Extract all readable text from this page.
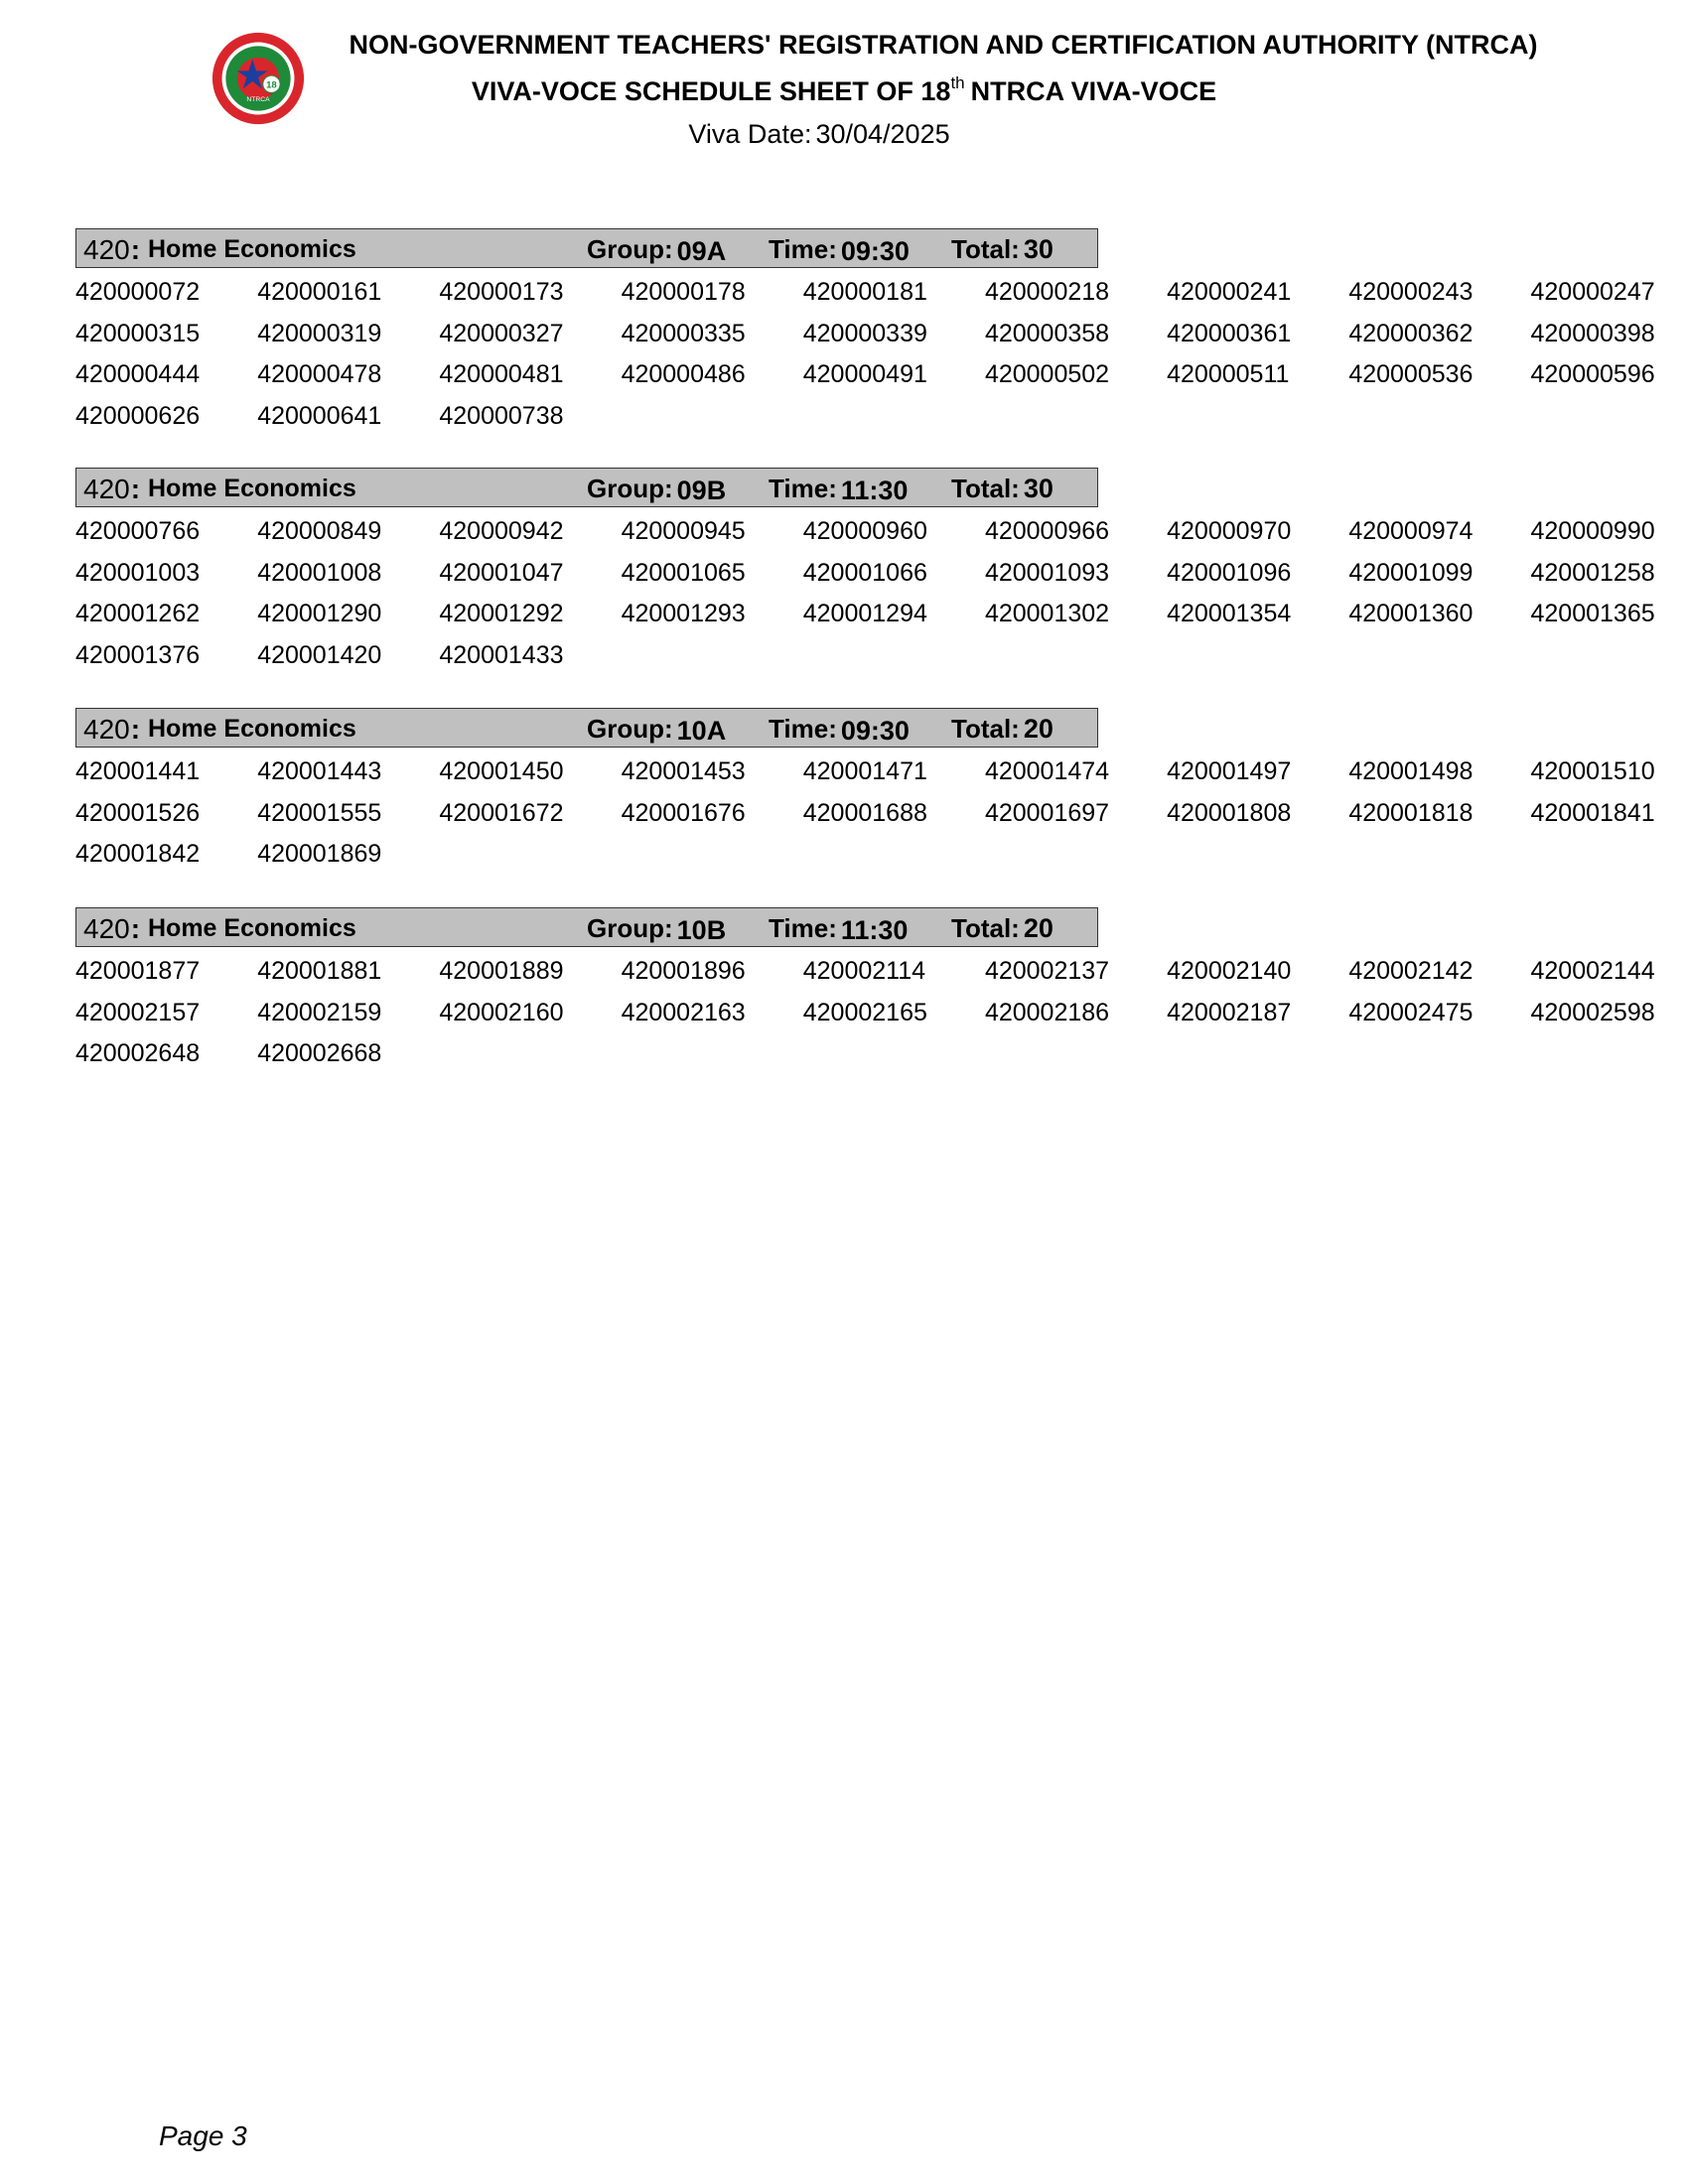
18
NTRCA
NON-GOVERNMENT TEACHERS' REGISTRATION AND CERTIFICATION AUTHORITY (NTRCA)
VIVA-VOCE SCHEDULE SHEET OF 18th NTRCA VIVA-VOCE
Viva Date: 30/04/2025
420: Home Economics	Group: 09A Time: 09:30 Total: 30
420000072	420000161	420000173	420000178	420000181	420000218	420000241	420000243	420000247
420000315	420000319	420000327	420000335	420000339	420000358	420000361	420000362	420000398
420000444	420000478	420000481	420000486	420000491	420000502	420000511	420000536	420000596
420000626	420000641	420000738
420: Home Economics	Group: 09B Time: 11:30 Total: 30
420000766	420000849	420000942	420000945	420000960	420000966	420000970	420000974	420000990
420001003	420001008	420001047	420001065	420001066	420001093	420001096	420001099	420001258
420001262	420001290	420001292	420001293	420001294	420001302	420001354	420001360	420001365
420001376	420001420	420001433
420: Home Economics	Group: 10A Time: 09:30 Total: 20
420001441	420001443	420001450	420001453	420001471	420001474	420001497	420001498	420001510
420001526	420001555	420001672	420001676	420001688	420001697	420001808	420001818	420001841
420001842	420001869
420: Home Economics	Group: 10B Time: 11:30 Total: 20
420001877	420001881	420001889	420001896	420002114	420002137	420002140	420002142	420002144
420002157	420002159	420002160	420002163	420002165	420002186	420002187	420002475	420002598
420002648	420002668
Page 3
